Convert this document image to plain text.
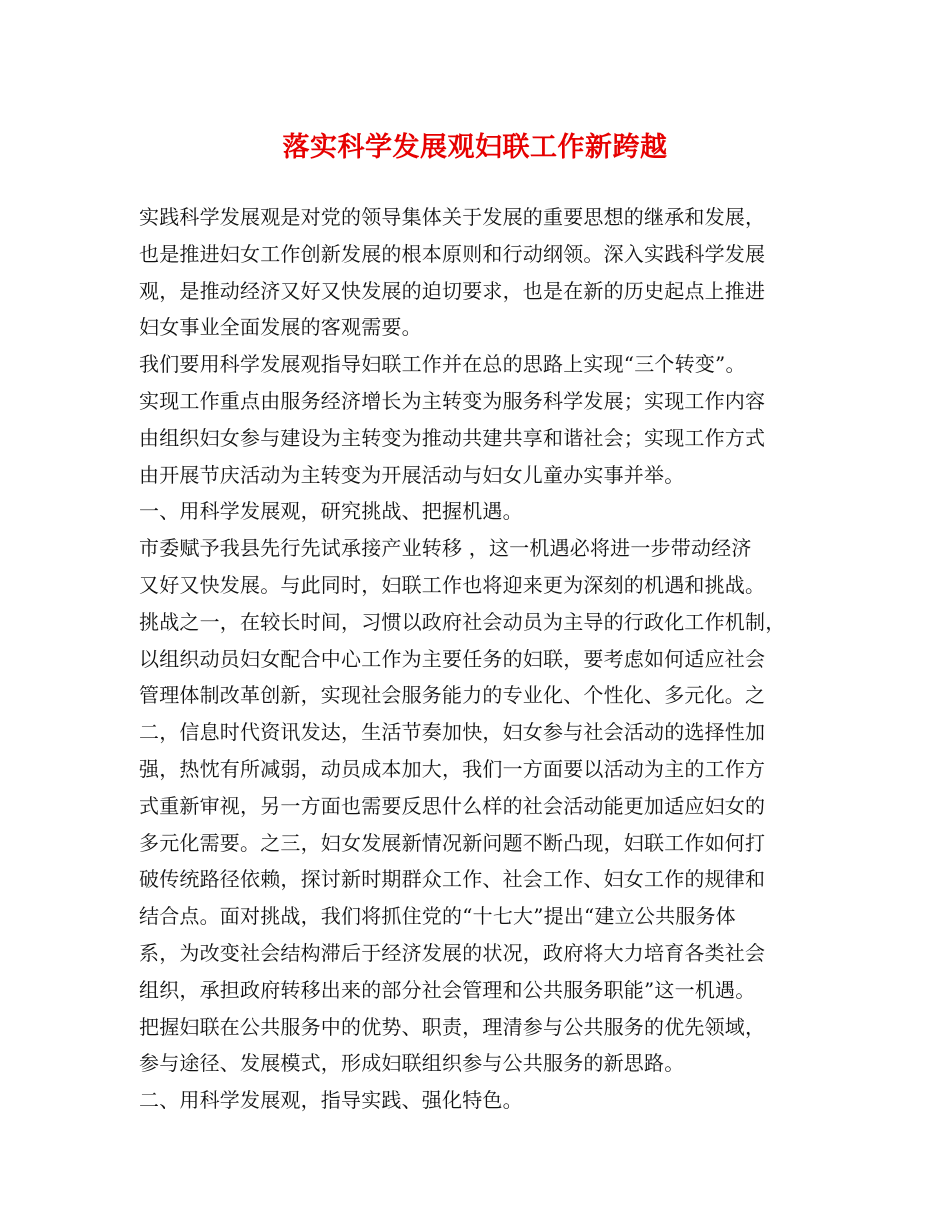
落实科学发展观妇联工作新跨越
实践科学发展观是对党的领导集体关于发展的重要思想的继承和发展，
也是推进妇女工作创新发展的根本原则和行动纲领。深入实践科学发展
观，是推动经济又好又快发展的迫切要求，也是在新的历史起点上推进
妇女事业全面发展的客观需要。
我们要用科学发展观指导妇联工作并在总的思路上实现“三个转变”。
实现工作重点由服务经济增长为主转变为服务科学发展；实现工作内容
由组织妇女参与建设为主转变为推动共建共享和谐社会；实现工作方式
由开展节庆活动为主转变为开展活动与妇女儿童办实事并举。
一、用科学发展观，研究挑战、把握机遇。
市委赋予我县先行先试承接产业转移 ，这一机遇必将进一步带动经济
又好又快发展。与此同时，妇联工作也将迎来更为深刻的机遇和挑战。
挑战之一，在较长时间，习惯以政府社会动员为主导的行政化工作机制，
以组织动员妇女配合中心工作为主要任务的妇联，要考虑如何适应社会
管理体制改革创新，实现社会服务能力的专业化、个性化、多元化。之
二，信息时代资讯发达，生活节奏加快，妇女参与社会活动的选择性加
强，热忱有所减弱，动员成本加大，我们一方面要以活动为主的工作方
式重新审视，另一方面也需要反思什么样的社会活动能更加适应妇女的
多元化需要。之三，妇女发展新情况新问题不断凸现，妇联工作如何打
破传统路径依赖，探讨新时期群众工作、社会工作、妇女工作的规律和
结合点。面对挑战，我们将抓住党的“十七大”提出“建立公共服务体
系，为改变社会结构滞后于经济发展的状况，政府将大力培育各类社会
组织，承担政府转移出来的部分社会管理和公共服务职能”这一机遇。
把握妇联在公共服务中的优势、职责，理清参与公共服务的优先领域，
参与途径、发展模式，形成妇联组织参与公共服务的新思路。
二、用科学发展观，指导实践、强化特色。
